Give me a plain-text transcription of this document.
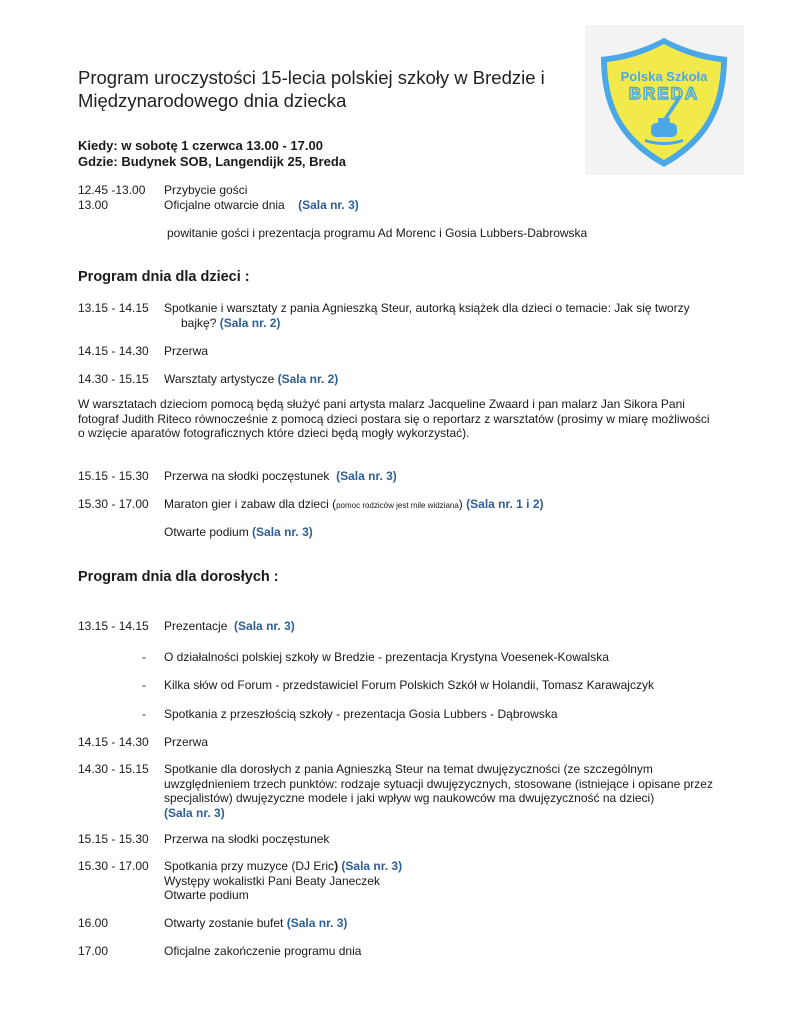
Program uroczystości 15-lecia polskiej szkoły w Bredzie i
Międzynarodowego dnia dziecka
Polska Szkoła
BREDA
Kiedy: w sobotę 1 czerwca 13.00 - 17.00
Gdzie: Budynek SOB, Langendijk 25, Breda
12.45 -13.00 Przybycie gości
13.00	Oficjalne otwarcie dnia (Sala nr. 3)
powitanie gości i prezentacja programu Ad Morenc i Gosia Lubbers-Dabrowska
Program dnia dla dzieci :
13.15 - 14.15 Spotkanie i warsztaty z pania Agnieszką Steur, autorką książek dla dzieci o temacie: Jak się tworzy
bajkę? (Sala nr. 2)
14.15 - 14.30 Przerwa
14.30 - 15.15 Warsztaty artystycze (Sala nr. 2)
W warsztatach dzieciom pomocą będą służyć pani artysta malarz Jacqueline Zwaard i pan malarz Jan Sikora Pani fotograf Judith Riteco równocześnie z pomocą dzieci postara się o reportarz z warsztatów (prosimy w miarę możliwości o wzięcie aparatów fotograficznych które dzieci będą mogły wykorzystać).
15.15 - 15.30 Przerwa na słodki poczęstunek (Sala nr. 3)
15.30 - 17.00 Maraton gier i zabaw dla dzieci (pomoc rodziców jest mile widziana) (Sala nr. 1 i 2)
Otwarte podium (Sala nr. 3)
Program dnia dla dorosłych :
13.15 - 14.15 Prezentacje (Sala nr. 3)
- O działalności polskiej szkoły w Bredzie - prezentacja Krystyna Voesenek-Kowalska
- Kilka słów od Forum - przedstawiciel Forum Polskich Szkół w Holandii, Tomasz Karawajczyk
- Spotkania z przeszłością szkoły - prezentacja Gosia Lubbers - Dąbrowska
14.15 - 14.30 Przerwa
14.30 - 15.15 Spotkanie dla dorosłych z pania Agnieszką Steur na temat dwujęzyczności (ze szczególnym uwzględnieniem trzech punktów: rodzaje sytuacji dwujęzycznych, stosowane (istniejące i opisane przez specjalistów) dwujęzyczne modele i jaki wpływ wg naukowców ma dwujęzyczność na dzieci)
(Sala nr. 3)
15.15 - 15.30 Przerwa na słodki poczęstunek
15.30 - 17.00 Spotkania przy muzyce (DJ Eric) (Sala nr. 3)
Występy wokalistki Pani Beaty Janeczek
Otwarte podium
16.00	Otwarty zostanie bufet (Sala nr. 3)
17.00	Oficjalne zakończenie programu dnia
